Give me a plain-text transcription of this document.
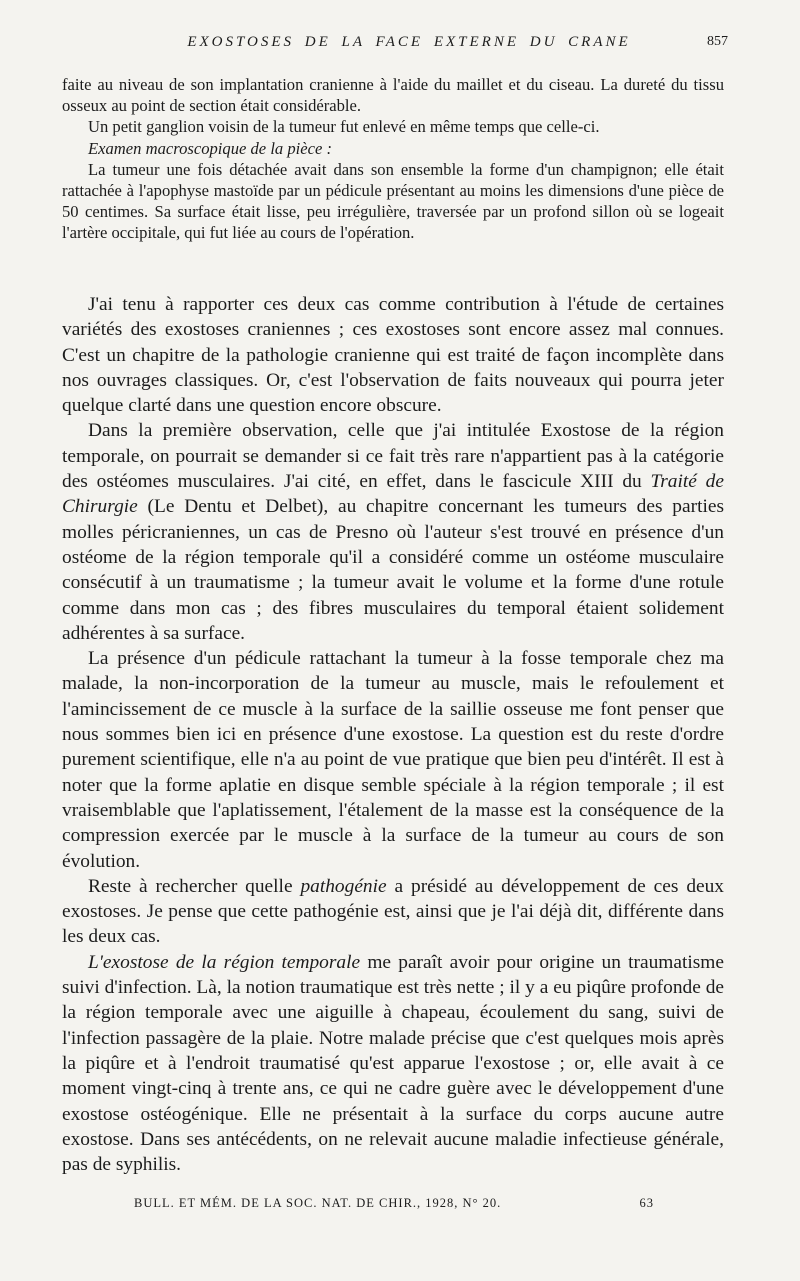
EXOSTOSES DE LA FACE EXTERNE DU CRANE	857

faite au niveau de son implantation cranienne à l'aide du maillet et du ciseau. La dureté du tissu osseux au point de section était considérable.

Un petit ganglion voisin de la tumeur fut enlevé en même temps que celle-ci.

Examen macroscopique de la pièce :

La tumeur une fois détachée avait dans son ensemble la forme d'un champignon; elle était rattachée à l'apophyse mastoïde par un pédicule présentant au moins les dimensions d'une pièce de 50 centimes. Sa surface était lisse, peu irrégulière, traversée par un profond sillon où se logeait l'artère occipitale, qui fut liée au cours de l'opération.

J'ai tenu à rapporter ces deux cas comme contribution à l'étude de certaines variétés des exostoses craniennes ; ces exostoses sont encore assez mal connues. C'est un chapitre de la pathologie cranienne qui est traité de façon incomplète dans nos ouvrages classiques. Or, c'est l'observation de faits nouveaux qui pourra jeter quelque clarté dans une question encore obscure.

Dans la première observation, celle que j'ai intitulée Exostose de la région temporale, on pourrait se demander si ce fait très rare n'appartient pas à la catégorie des ostéomes musculaires. J'ai cité, en effet, dans le fascicule XIII du Traité de Chirurgie (Le Dentu et Delbet), au chapitre concernant les tumeurs des parties molles péricraniennes, un cas de Presno où l'auteur s'est trouvé en présence d'un ostéome de la région temporale qu'il a considéré comme un ostéome musculaire consécutif à un traumatisme ; la tumeur avait le volume et la forme d'une rotule comme dans mon cas ; des fibres musculaires du temporal étaient solidement adhérentes à sa surface.

La présence d'un pédicule rattachant la tumeur à la fosse temporale chez ma malade, la non-incorporation de la tumeur au muscle, mais le refoulement et l'amincissement de ce muscle à la surface de la saillie osseuse me font penser que nous sommes bien ici en présence d'une exostose. La question est du reste d'ordre purement scientifique, elle n'a au point de vue pratique que bien peu d'intérêt. Il est à noter que la forme aplatie en disque semble spéciale à la région temporale ; il est vraisemblable que l'aplatissement, l'étalement de la masse est la conséquence de la compression exercée par le muscle à la surface de la tumeur au cours de son évolution.

Reste à rechercher quelle pathogénie a présidé au développement de ces deux exostoses. Je pense que cette pathogénie est, ainsi que je l'ai déjà dit, différente dans les deux cas.

L'exostose de la région temporale me paraît avoir pour origine un traumatisme suivi d'infection. Là, la notion traumatique est très nette ; il y a eu piqûre profonde de la région temporale avec une aiguille à chapeau, écoulement du sang, suivi de l'infection passagère de la plaie. Notre malade précise que c'est quelques mois après la piqûre et à l'endroit traumatisé qu'est apparue l'exostose ; or, elle avait à ce moment vingt-cinq à trente ans, ce qui ne cadre guère avec le développement d'une exostose ostéogénique. Elle ne présentait à la surface du corps aucune autre exostose. Dans ses antécédents, on ne relevait aucune maladie infectieuse générale, pas de syphilis.

BULL. ET MÉM. DE LA SOC. NAT. DE CHIR., 1928, N° 20.	63
